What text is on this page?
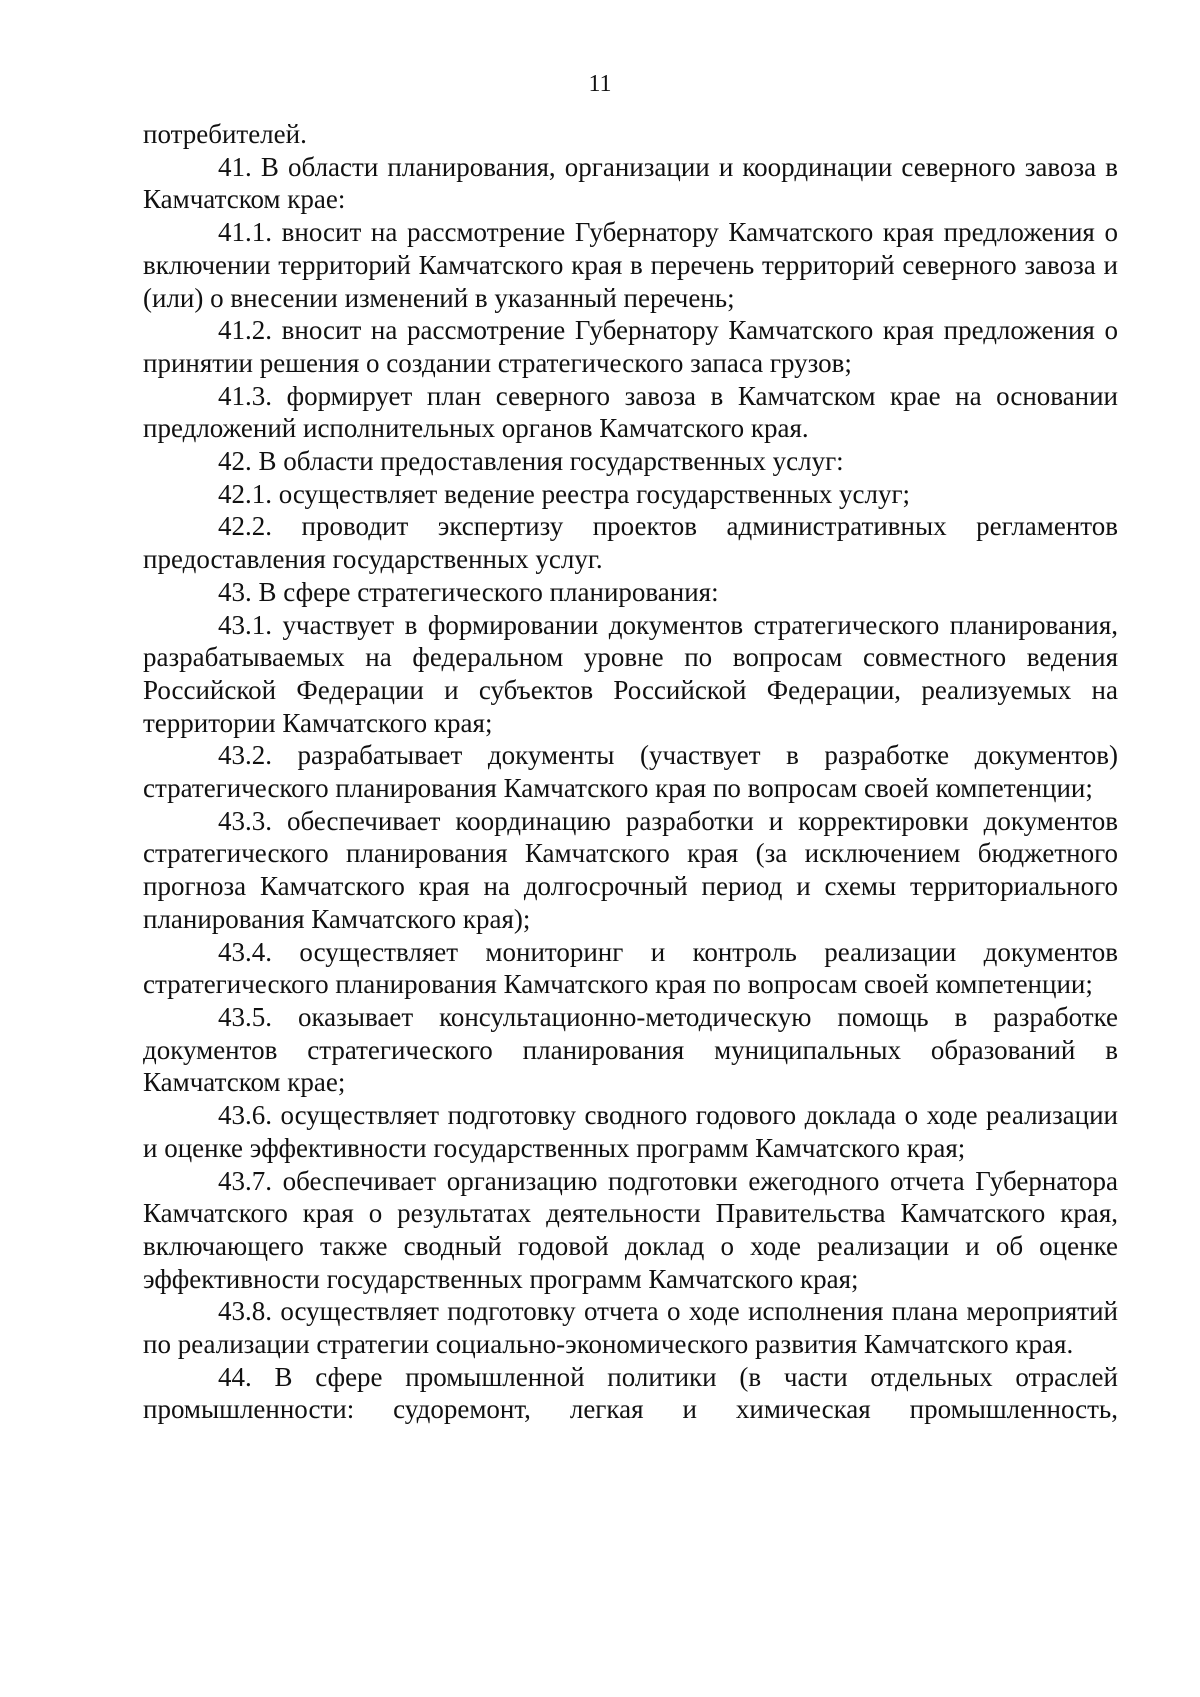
11

потребителей.

41. В области планирования, организации и координации северного завоза в Камчатском крае:

41.1. вносит на рассмотрение Губернатору Камчатского края предложения о включении территорий Камчатского края в перечень территорий северного завоза и (или) о внесении изменений в указанный перечень;

41.2. вносит на рассмотрение Губернатору Камчатского края предложения о принятии решения о создании стратегического запаса грузов;

41.3. формирует план северного завоза в Камчатском крае на основании предложений исполнительных органов Камчатского края.

42. В области предоставления государственных услуг:

42.1. осуществляет ведение реестра государственных услуг;

42.2. проводит экспертизу проектов административных регламентов предоставления государственных услуг.

43. В сфере стратегического планирования:

43.1. участвует в формировании документов стратегического планирования, разрабатываемых на федеральном уровне по вопросам совместного ведения Российской Федерации и субъектов Российской Федерации, реализуемых на территории Камчатского края;

43.2. разрабатывает документы (участвует в разработке документов) стратегического планирования Камчатского края по вопросам своей компетенции;

43.3. обеспечивает координацию разработки и корректировки документов стратегического планирования Камчатского края (за исключением бюджетного прогноза Камчатского края на долгосрочный период и схемы территориального планирования Камчатского края);

43.4. осуществляет мониторинг и контроль реализации документов стратегического планирования Камчатского края по вопросам своей компетенции;

43.5. оказывает консультационно-методическую помощь в разработке документов стратегического планирования муниципальных образований в Камчатском крае;

43.6. осуществляет подготовку сводного годового доклада о ходе реализации и оценке эффективности государственных программ Камчатского края;

43.7. обеспечивает организацию подготовки ежегодного отчета Губернатора Камчатского края о результатах деятельности Правительства Камчатского края, включающего также сводный годовой доклад о ходе реализации и об оценке эффективности государственных программ Камчатского края;

43.8. осуществляет подготовку отчета о ходе исполнения плана мероприятий по реализации стратегии социально-экономического развития Камчатского края.

44. В сфере промышленной политики (в части отдельных отраслей промышленности: судоремонт, легкая и химическая промышленность,
